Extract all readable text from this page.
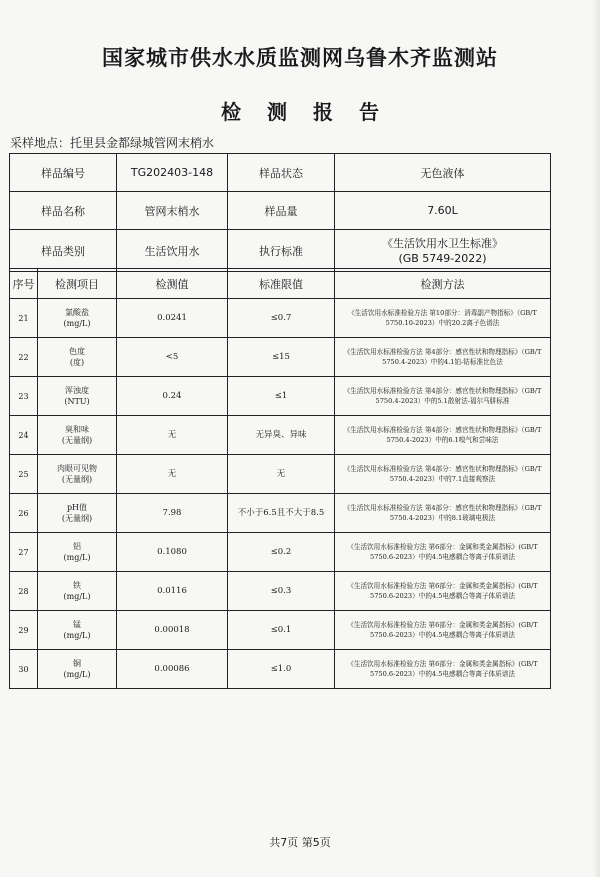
国家城市供水水质监测网乌鲁木齐监测站
检测报告
采样地点：托里县金都绿城管网末梢水
样品编号	TG202403-148	样品状态	无色液体
样品名称	管网末梢水	样品量	7.60L
样品类别	生活饮用水	执行标准	《生活饮用水卫生标准》
(GB 5749-2022)
序号	检测项目	检测值	标准限值	检测方法
21	氯酸盐
(mg/L)	0.0241	≤0.7	《生活饮用水标准检验方法 第10部分：消毒副产物指标》（GB/T 5750.10-2023）中的20.2离子色谱法
22	色度
(度)	<5	≤15	《生活饮用水标准检验方法 第4部分：感官性状和物理指标》（GB/T 5750.4-2023）中的4.1铂-钴标准比色法
23	浑浊度
(NTU)	0.24	≤1	《生活饮用水标准检验方法 第4部分：感官性状和物理指标》（GB/T 5750.4-2023）中的5.1散射法-福尔马肼标准
24	臭和味
(无量纲)	无	无异臭、异味	《生活饮用水标准检验方法 第4部分：感官性状和物理指标》（GB/T 5750.4-2023）中的6.1嗅气和尝味法
25	肉眼可见物
(无量纲)	无	无	《生活饮用水标准检验方法 第4部分：感官性状和物理指标》（GB/T 5750.4-2023）中的7.1直接观察法
26	pH值
(无量纲)	7.98	不小于6.5且不大于8.5	《生活饮用水标准检验方法 第4部分：感官性状和物理指标》（GB/T 5750.4-2023）中的8.1玻璃电极法
27	铝
(mg/L)	0.1080	≤0.2	《生活饮用水标准检验方法 第6部分：金属和类金属指标》(GB/T 5750.6-2023）中的4.5电感耦合等离子体质谱法
28	铁
(mg/L)	0.0116	≤0.3	《生活饮用水标准检验方法 第6部分：金属和类金属指标》(GB/T 5750.6-2023）中的4.5电感耦合等离子体质谱法
29	锰
(mg/L)	0.00018	≤0.1	《生活饮用水标准检验方法 第6部分：金属和类金属指标》(GB/T 5750.6-2023）中的4.5电感耦合等离子体质谱法
30	铜
(mg/L)	0.00086	≤1.0	《生活饮用水标准检验方法 第6部分：金属和类金属指标》(GB/T 5750.6-2023）中的4.5电感耦合等离子体质谱法
共7页 第5页
